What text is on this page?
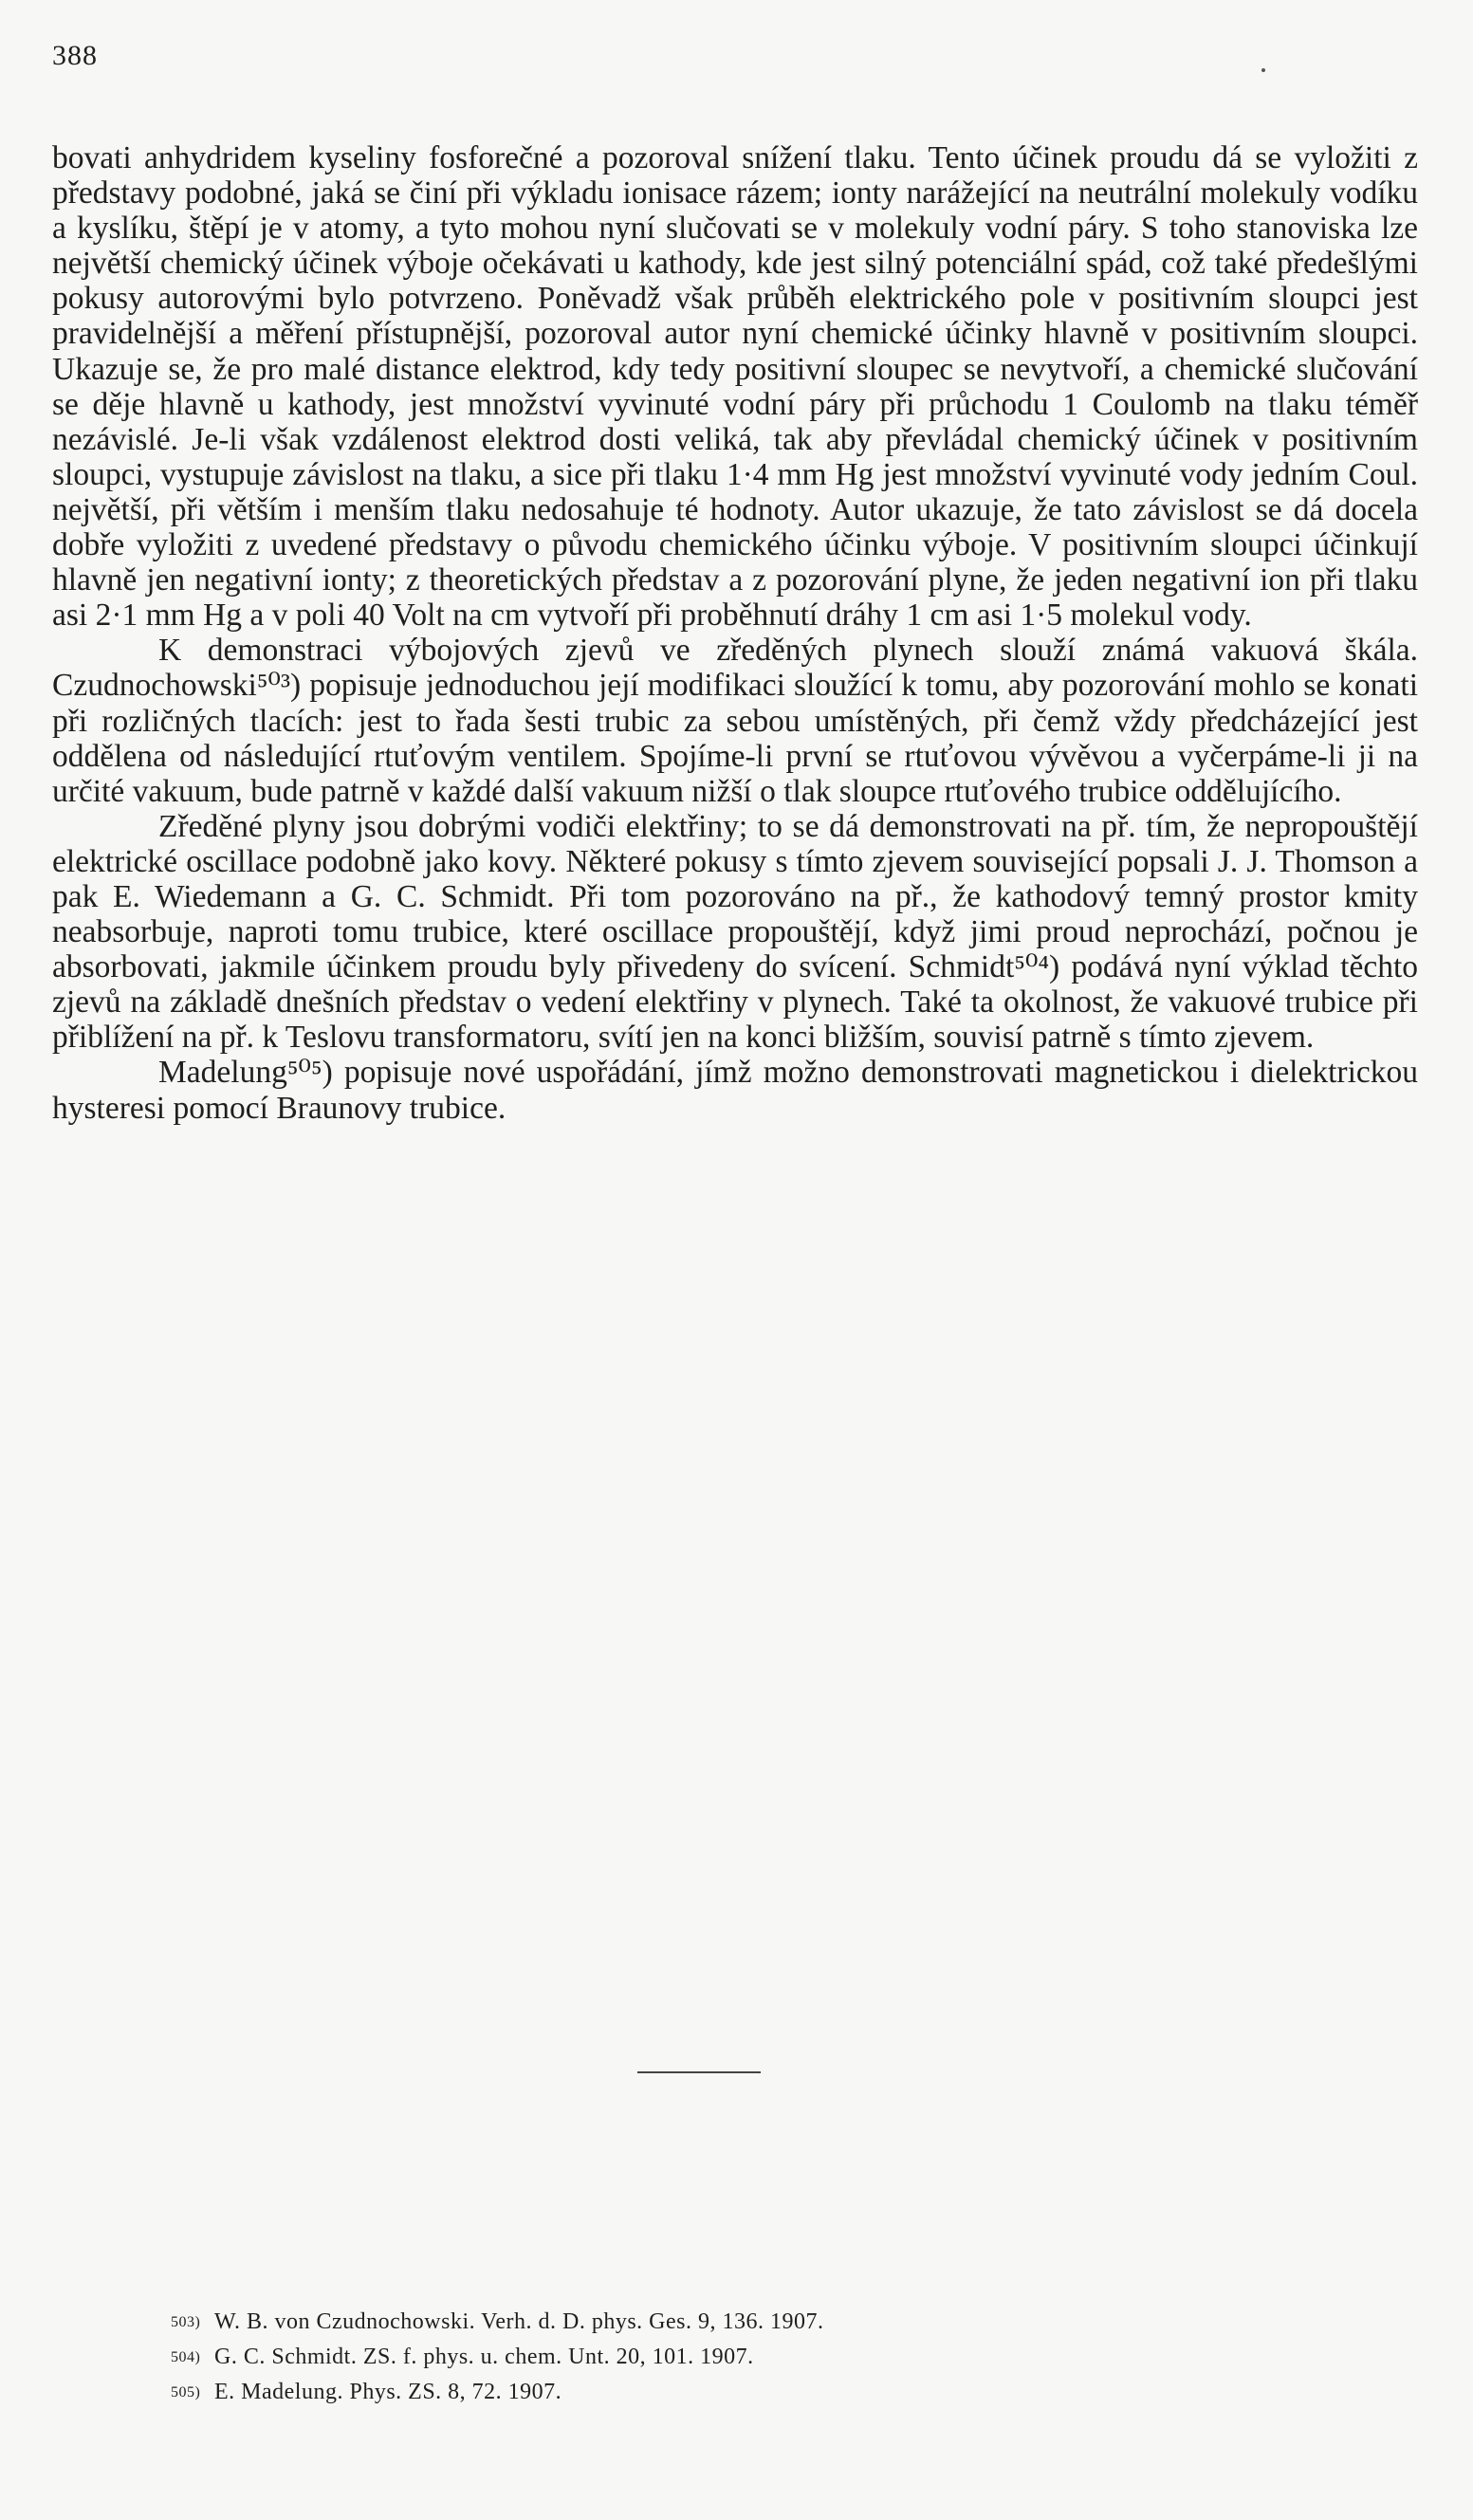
388

bovati anhydridem kyseliny fosforečné a pozoroval snížení tlaku. Tento účinek proudu dá se vyložiti z představy podobné, jaká se činí při výkladu ionisace rázem; ionty narážející na neutrální molekuly vodíku a kyslíku, štěpí je v atomy, a tyto mohou nyní slučovati se v molekuly vodní páry. S toho stanoviska lze největší chemický účinek výboje očekávati u kathody, kde jest silný potenciální spád, což také předešlými pokusy autorovými bylo potvrzeno. Poněvadž však průběh elektrického pole v positivním sloupci jest pravidelnější a měření přístupnější, pozoroval autor nyní chemické účinky hlavně v positivním sloupci. Ukazuje se, že pro malé distance elektrod, kdy tedy positivní sloupec se nevytvoří, a chemické slučování se děje hlavně u kathody, jest množství vyvinuté vodní páry při průchodu 1 Coulomb na tlaku téměř nezávislé. Je-li však vzdálenost elektrod dosti veliká, tak aby převládal chemický účinek v positivním sloupci, vystupuje závislost na tlaku, a sice při tlaku 1·4 mm Hg jest množství vyvinuté vody jedním Coul. největší, při větším i menším tlaku nedosahuje té hodnoty. Autor ukazuje, že tato závislost se dá docela dobře vyložiti z uvedené představy o původu chemického účinku výboje. V positivním sloupci účinkují hlavně jen negativní ionty; z theoretických představ a z pozorování plyne, že jeden negativní ion při tlaku asi 2·1 mm Hg a v poli 40 Volt na cm vytvoří při proběhnutí dráhy 1 cm asi 1·5 molekul vody.

K demonstraci výbojových zjevů ve zředěných plynech slouží známá vakuová škála. Czudnochowski⁵⁰³) popisuje jednoduchou její modifikaci sloužící k tomu, aby pozorování mohlo se konati při rozličných tlacích: jest to řada šesti trubic za sebou umístěných, při čemž vždy předcházející jest oddělena od následující rtuťovým ventilem. Spojíme-li první se rtuťovou vývěvou a vyčerpáme-li ji na určité vakuum, bude patrně v každé další vakuum nižší o tlak sloupce rtuťového trubice oddělujícího.

Zředěné plyny jsou dobrými vodiči elektřiny; to se dá demonstrovati na př. tím, že nepropouštějí elektrické oscillace podobně jako kovy. Některé pokusy s tímto zjevem související popsali J. J. Thomson a pak E. Wiedemann a G. C. Schmidt. Při tom pozorováno na př., že kathodový temný prostor kmity neabsorbuje, naproti tomu trubice, které oscillace propouštějí, když jimi proud neprochází, počnou je absorbovati, jakmile účinkem proudu byly přivedeny do svícení. Schmidt⁵⁰⁴) podává nyní výklad těchto zjevů na základě dnešních představ o vedení elektřiny v plynech. Také ta okolnost, že vakuové trubice při přiblížení na př. k Teslovu transformatoru, svítí jen na konci bližším, souvisí patrně s tímto zjevem.

Madelung⁵⁰⁵) popisuje nové uspořádání, jímž možno demonstrovati magnetickou i dielektrickou hysteresi pomocí Braunovy trubice.

503) W. B. von Czudnochowski. Verh. d. D. phys. Ges. 9, 136. 1907.
504) G. C. Schmidt. ZS. f. phys. u. chem. Unt. 20, 101. 1907.
505) E. Madelung. Phys. ZS. 8, 72. 1907.
